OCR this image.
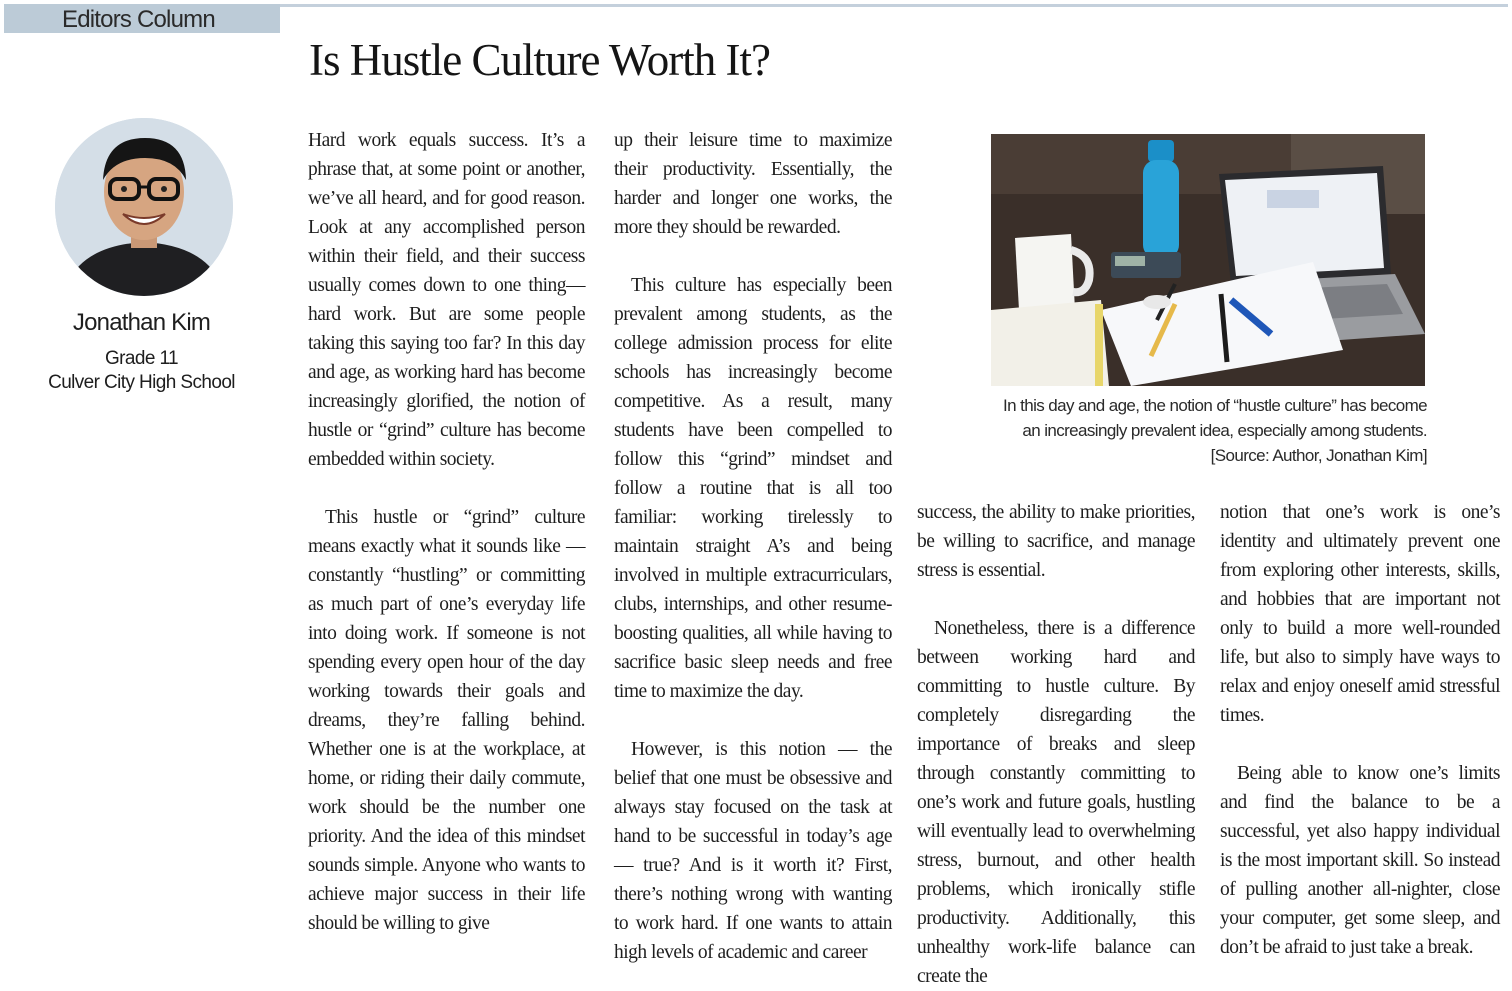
Editors Column
Is Hustle Culture Worth It?
Jonathan Kim
Grade 11
Culver City High School

Hard work equals success. It’s a phrase that, at some point or another, we’ve all heard, and for good reason. Look at any accomplished person within their field, and their success usually comes down to one thing— hard work. But are some people taking this saying too far? In this day and age, as working hard has become increasingly glorified, the notion of hustle or “grind” culture has become embedded within society.

This hustle or “grind” culture means exactly what it sounds like — constantly “hustling” or committing as much part of one’s everyday life into doing work. If someone is not spending every open hour of the day working towards their goals and dreams, they’re falling behind. Whether one is at the workplace, at home, or riding their daily commute, work should be the number one priority. And the idea of this mindset sounds simple. Anyone who wants to achieve major success in their life should be willing to give

up their leisure time to maximize their productivity. Essentially, the harder and longer one works, the more they should be rewarded.

This culture has especially been prevalent among students, as the college admission process for elite schools has increasingly become competitive. As a result, many students have been compelled to follow this “grind” mindset and follow a routine that is all too familiar: working tirelessly to maintain straight A’s and being involved in multiple extracurriculars, clubs, internships, and other resume-boosting qualities, all while having to sacrifice basic sleep needs and free time to maximize the day.

However, is this notion — the belief that one must be obsessive and always stay focused on the task at hand to be successful in today’s age — true? And is it worth it? First, there’s nothing wrong with wanting to work hard. If one wants to attain high levels of academic and career

In this day and age, the notion of “hustle culture” has become
an increasingly prevalent idea, especially among students.
[Source: Author, Jonathan Kim]

success, the ability to make priorities, be willing to sacrifice, and manage stress is essential.

Nonetheless, there is a difference between working hard and committing to hustle culture. By completely disregarding the importance of breaks and sleep through constantly committing to one’s work and future goals, hustling will eventually lead to overwhelming stress, burnout, and other health problems, which ironically stifle productivity. Additionally, this unhealthy work-life balance can create the

notion that one’s work is one’s identity and ultimately prevent one from exploring other interests, skills, and hobbies that are important not only to build a more well-rounded life, but also to simply have ways to relax and enjoy oneself amid stressful times.

Being able to know one’s limits and find the balance to be a successful, yet also happy individual is the most important skill. So instead of pulling another all-nighter, close your computer, get some sleep, and don’t be afraid to just take a break.
